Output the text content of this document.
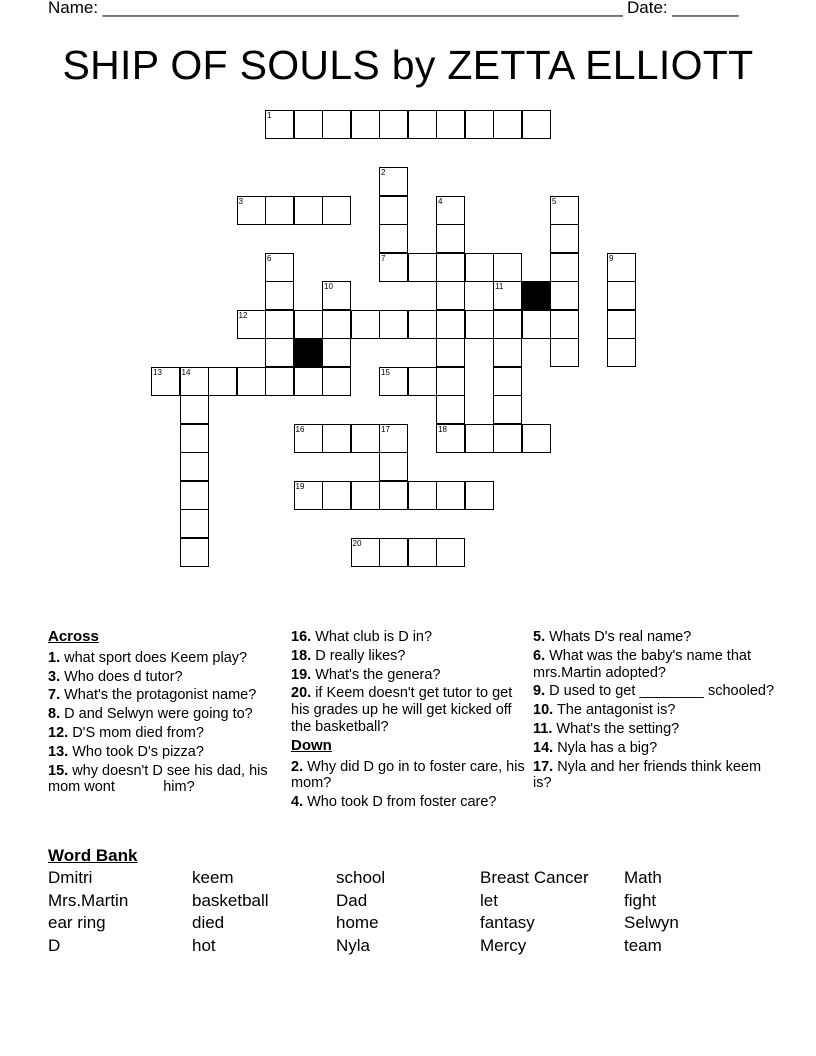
Name: _______________________________________________________ Date: _______
SHIP OF SOULS by ZETTA ELLIOTT
1
3
7
12
13 14	15
16	17	18
19
20
2
4	5
6	9
10	11

Across

1. what sport does Keem play?

3. Who does d tutor?

7. What's the protagonist name?

8. D and Selwyn were going to?

12. D'S mom died from?

13. Who took D's pizza?

15. why doesn't D see his dad, his mom wont            him?

16. What club is D in?

18. D really likes?

19. What's the genera?

20. if Keem doesn't get tutor to get his grades up he will get kicked off the basketball?

Down

2. Why did D go in to foster care, his mom?

4. Who took D from foster care?

5. Whats D's real name?

6. What was the baby's name that mrs.Martin adopted?

9. D used to get ________ schooled?

10. The antagonist is?

11. What's the setting?

14. Nyla has a big?

17. Nyla and her friends think keem is?

Word Bank
Dmitri	keem	school	Breast Cancer	Math
Mrs.Martin	basketball	Dad	let	fight
ear ring	died	home	fantasy	Selwyn
D	hot	Nyla	Mercy	team
